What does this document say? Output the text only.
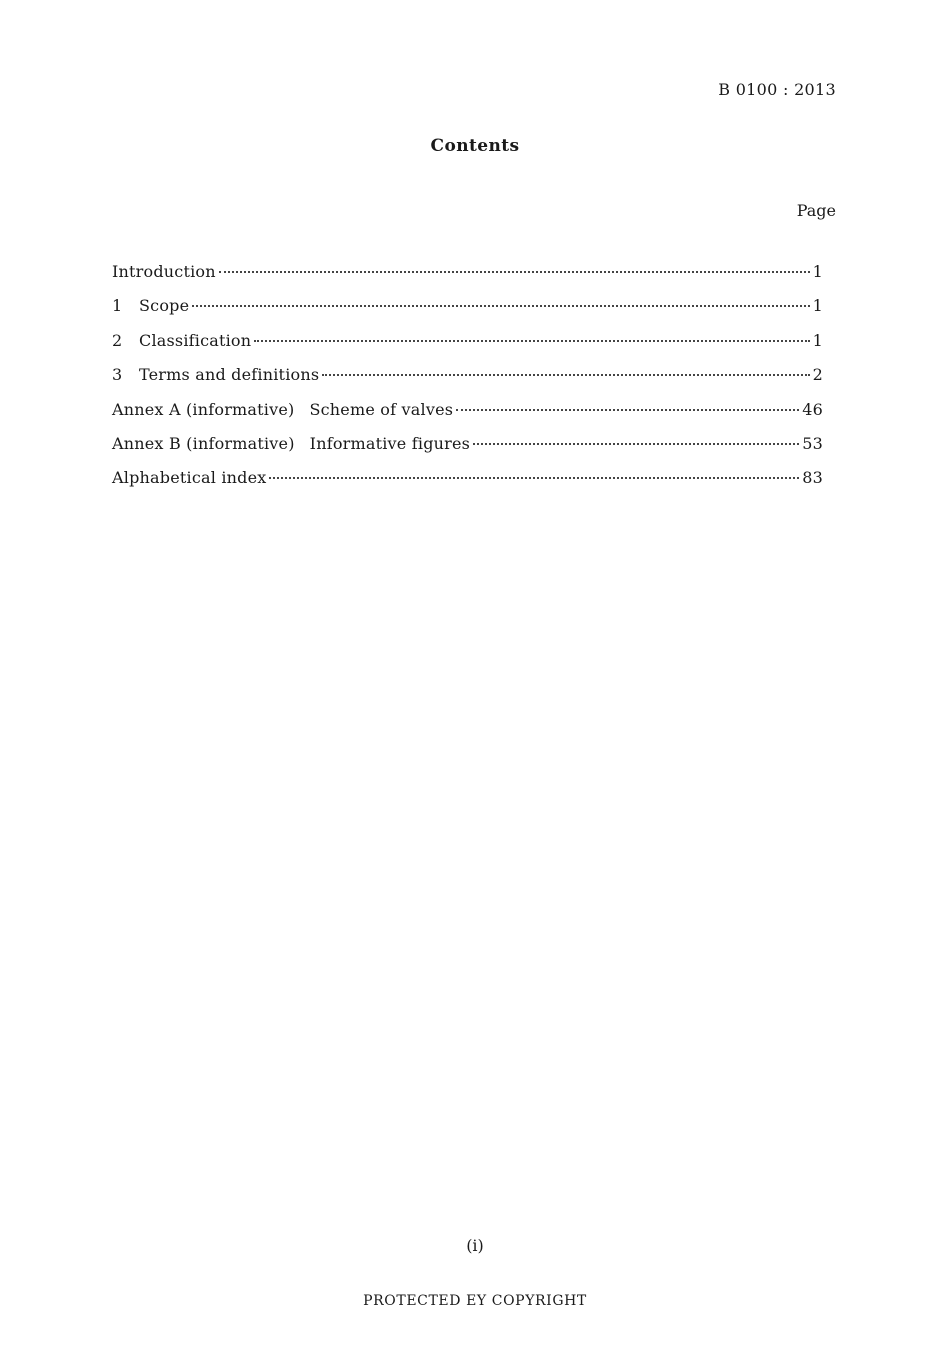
B 0100 : 2013
Contents
Page
Introduction	1
1 Scope	1
2 Classification	1
3 Terms and definitions	2
Annex A (informative) Scheme of valves	46
Annex B (informative) Informative figures	53
Alphabetical index	83
(i)
PROTECTED EY COPYRIGHT
